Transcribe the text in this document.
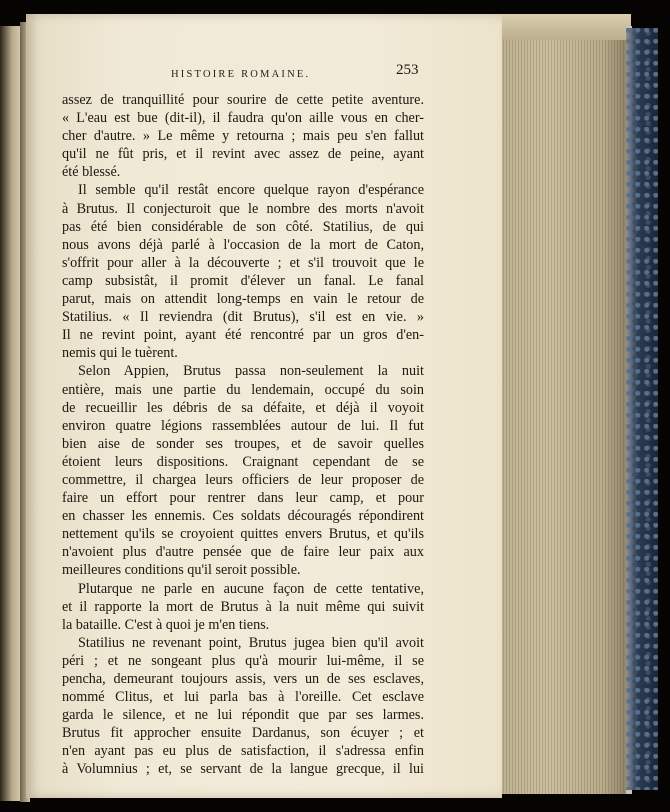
HISTOIRE ROMAINE.	253
assez de tranquillité pour sourire de cette petite aventure.
« L'eau est bue (dit-il), il faudra qu'on aille vous en cher-
cher d'autre. » Le même y retourna ; mais peu s'en fallut
qu'il ne fût pris, et il revint avec assez de peine, ayant
été blessé.
Il semble qu'il restât encore quelque rayon d'espérance
à Brutus. Il conjecturoit que le nombre des morts n'avoit
pas été bien considérable de son côté. Statilius, de qui
nous avons déjà parlé à l'occasion de la mort de Caton,
s'offrit pour aller à la découverte ; et s'il trouvoit que le
camp subsistât, il promit d'élever un fanal. Le fanal
parut, mais on attendit long-temps en vain le retour de
Statilius. « Il reviendra (dit Brutus), s'il est en vie. »
Il ne revint point, ayant été rencontré par un gros d'en-
nemis qui le tuèrent.
Selon Appien, Brutus passa non-seulement la nuit
entière, mais une partie du lendemain, occupé du soin
de recueillir les débris de sa défaite, et déjà il voyoit
environ quatre légions rassemblées autour de lui. Il fut
bien aise de sonder ses troupes, et de savoir quelles
étoient leurs dispositions. Craignant cependant de se
commettre, il chargea leurs officiers de leur proposer de
faire un effort pour rentrer dans leur camp, et pour
en chasser les ennemis. Ces soldats découragés répondirent
nettement qu'ils se croyoient quittes envers Brutus, et qu'ils
n'avoient plus d'autre pensée que de faire leur paix aux
meilleures conditions qu'il seroit possible.
Plutarque ne parle en aucune façon de cette tentative,
et il rapporte la mort de Brutus à la nuit même qui suivit
la bataille. C'est à quoi je m'en tiens.
Statilius ne revenant point, Brutus jugea bien qu'il avoit
péri ; et ne songeant plus qu'à mourir lui-même, il se
pencha, demeurant toujours assis, vers un de ses esclaves,
nommé Clitus, et lui parla bas à l'oreille. Cet esclave
garda le silence, et ne lui répondit que par ses larmes.
Brutus fit approcher ensuite Dardanus, son écuyer ; et
n'en ayant pas eu plus de satisfaction, il s'adressa enfin
à Volumnius ; et, se servant de la langue grecque, il lui
